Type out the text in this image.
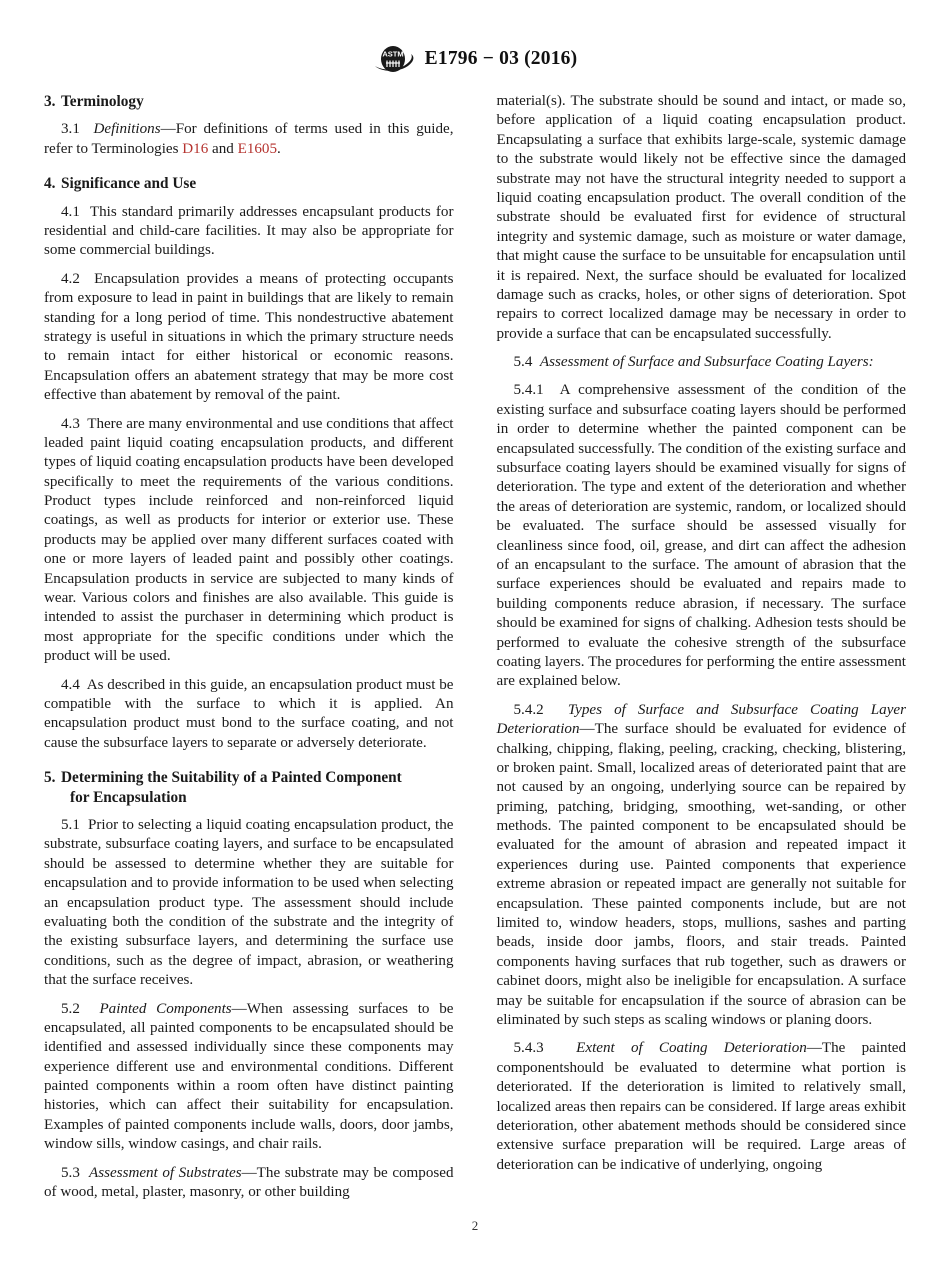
ASTM E1796 − 03 (2016)

3. Terminology

3.1 Definitions—For definitions of terms used in this guide, refer to Terminologies D16 and E1605.

4. Significance and Use

4.1 This standard primarily addresses encapsulant products for residential and child-care facilities. It may also be appropriate for some commercial buildings.

4.2 Encapsulation provides a means of protecting occupants from exposure to lead in paint in buildings that are likely to remain standing for a long period of time. This nondestructive abatement strategy is useful in situations in which the primary structure needs to remain intact for either historical or economic reasons. Encapsulation offers an abatement strategy that may be more cost effective than abatement by removal of the paint.

4.3 There are many environmental and use conditions that affect leaded paint liquid coating encapsulation products, and different types of liquid coating encapsulation products have been developed specifically to meet the requirements of the various conditions. Product types include reinforced and non-reinforced liquid coatings, as well as products for interior or exterior use. These products may be applied over many different surfaces coated with one or more layers of leaded paint and possibly other coatings. Encapsulation products in service are subjected to many kinds of wear. Various colors and finishes are also available. This guide is intended to assist the purchaser in determining which product is most appropriate for the specific conditions under which the product will be used.

4.4 As described in this guide, an encapsulation product must be compatible with the surface to which it is applied. An encapsulation product must bond to the surface coating, and not cause the subsurface layers to separate or adversely deteriorate.

5. Determining the Suitability of a Painted Component
for Encapsulation

5.1 Prior to selecting a liquid coating encapsulation product, the substrate, subsurface coating layers, and surface to be encapsulated should be assessed to determine whether they are suitable for encapsulation and to provide information to be used when selecting an encapsulation product type. The assessment should include evaluating both the condition of the substrate and the integrity of the existing subsurface layers, and determining the surface use conditions, such as the degree of impact, abrasion, or weathering that the surface receives.

5.2 Painted Components—When assessing surfaces to be encapsulated, all painted components to be encapsulated should be identified and assessed individually since these components may experience different use and environmental conditions. Different painted components within a room often have distinct painting histories, which can affect their suitability for encapsulation. Examples of painted components include walls, doors, door jambs, window sills, window casings, and chair rails.

5.3 Assessment of Substrates—The substrate may be composed of wood, metal, plaster, masonry, or other building

material(s). The substrate should be sound and intact, or made so, before application of a liquid coating encapsulation product. Encapsulating a surface that exhibits large-scale, systemic damage to the substrate would likely not be effective since the damaged substrate may not have the structural integrity needed to support a liquid coating encapsulation product. The overall condition of the substrate should be evaluated first for evidence of structural integrity and systemic damage, such as moisture or water damage, that might cause the surface to be unsuitable for encapsulation until it is repaired. Next, the surface should be evaluated for localized damage such as cracks, holes, or other signs of deterioration. Spot repairs to correct localized damage may be necessary in order to provide a surface that can be encapsulated successfully.

5.4 Assessment of Surface and Subsurface Coating Layers:

5.4.1 A comprehensive assessment of the condition of the existing surface and subsurface coating layers should be performed in order to determine whether the painted component can be encapsulated successfully. The condition of the existing surface and subsurface coating layers should be examined visually for signs of deterioration. The type and extent of the deterioration and whether the areas of deterioration are systemic, random, or localized should be evaluated. The surface should be assessed visually for cleanliness since food, oil, grease, and dirt can affect the adhesion of an encapsulant to the surface. The amount of abrasion that the surface experiences should be evaluated and repairs made to building components reduce abrasion, if necessary. The surface should be examined for signs of chalking. Adhesion tests should be performed to evaluate the cohesive strength of the subsurface coating layers. The procedures for performing the entire assessment are explained below.

5.4.2 Types of Surface and Subsurface Coating Layer Deterioration—The surface should be evaluated for evidence of chalking, chipping, flaking, peeling, cracking, checking, blistering, or broken paint. Small, localized areas of deteriorated paint that are not caused by an ongoing, underlying source can be repaired by priming, patching, bridging, smoothing, wet-sanding, or other methods. The painted component to be encapsulated should be evaluated for the amount of abrasion and repeated impact it experiences during use. Painted components that experience extreme abrasion or repeated impact are generally not suitable for encapsulation. These painted components include, but are not limited to, window headers, stops, mullions, sashes and parting beads, inside door jambs, floors, and stair treads. Painted components having surfaces that rub together, such as drawers or cabinet doors, might also be ineligible for encapsulation. A surface may be suitable for encapsulation if the source of abrasion can be eliminated by such steps as scaling windows or planing doors.

5.4.3 Extent of Coating Deterioration—The painted componentshould be evaluated to determine what portion is deteriorated. If the deterioration is limited to relatively small, localized areas then repairs can be considered. If large areas exhibit deterioration, other abatement methods should be considered since extensive surface preparation will be required. Large areas of deterioration can be indicative of underlying, ongoing

2
